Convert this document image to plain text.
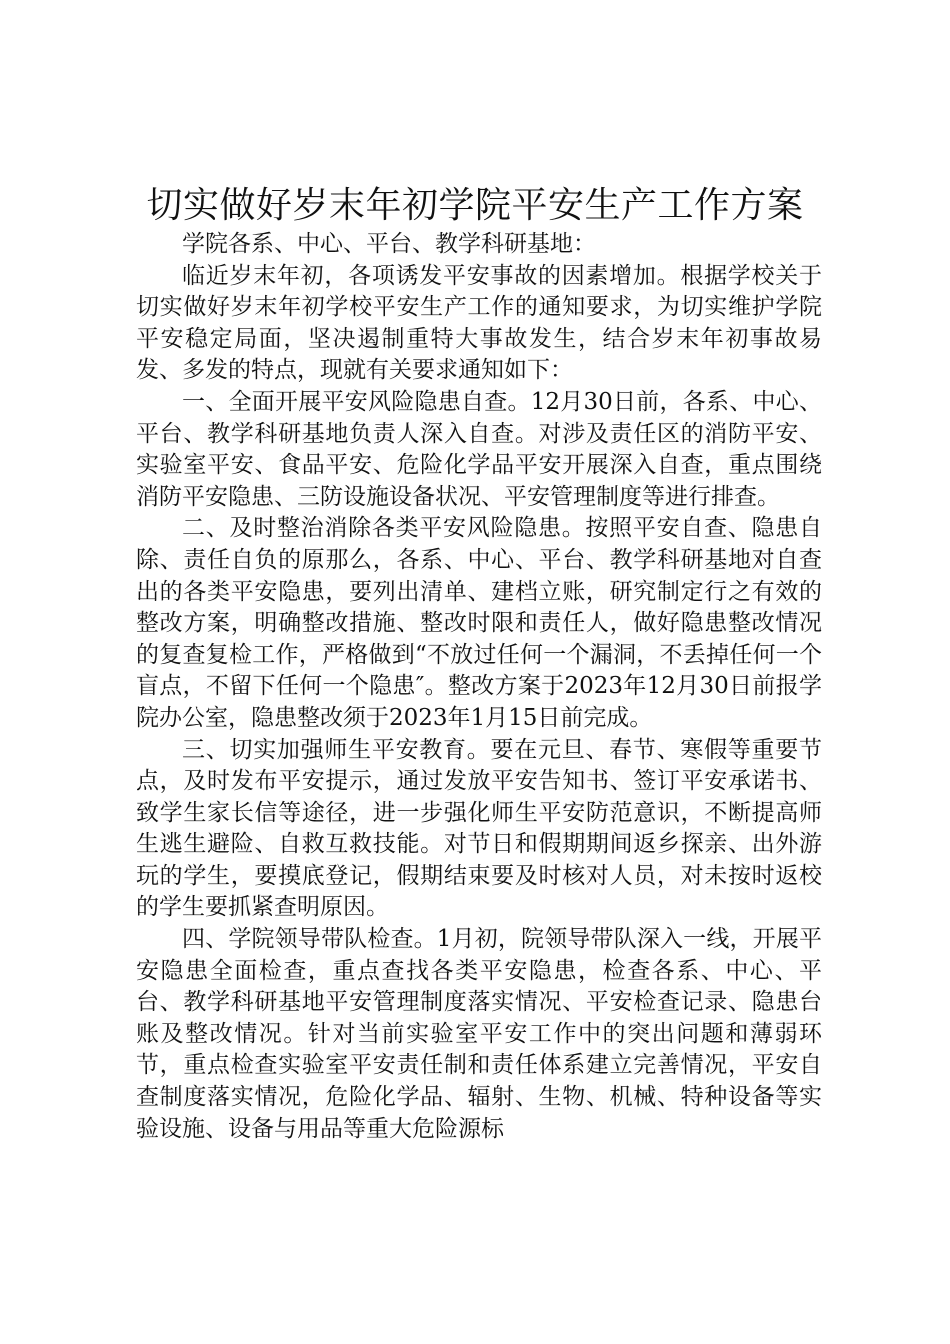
切实做好岁末年初学院平安生产工作方案

学院各系、中心、平台、教学科研基地：

临近岁末年初，各项诱发平安事故的因素增加。根据学校关于切实做好岁末年初学校平安生产工作的通知要求，为切实维护学院平安稳定局面，坚决遏制重特大事故发生，结合岁末年初事故易发、多发的特点，现就有关要求通知如下：

一、全面开展平安风险隐患自查。12月30日前，各系、中心、平台、教学科研基地负责人深入自查。对涉及责任区的消防平安、实验室平安、食品平安、危险化学品平安开展深入自查，重点围绕消防平安隐患、三防设施设备状况、平安管理制度等进行排查。

二、及时整治消除各类平安风险隐患。按照平安自查、隐患自除、责任自负的原那么，各系、中心、平台、教学科研基地对自查出的各类平安隐患，要列出清单、建档立账，研究制定行之有效的整改方案，明确整改措施、整改时限和责任人，做好隐患整改情况的复查复检工作，严格做到“不放过任何一个漏洞，不丢掉任何一个盲点，不留下任何一个隐患″。整改方案于2023年12月30日前报学院办公室，隐患整改须于2023年1月15日前完成。

三、切实加强师生平安教育。要在元旦、春节、寒假等重要节点，及时发布平安提示，通过发放平安告知书、签订平安承诺书、致学生家长信等途径，进一步强化师生平安防范意识，不断提高师生逃生避险、自救互救技能。对节日和假期期间返乡探亲、出外游玩的学生，要摸底登记，假期结束要及时核对人员，对未按时返校的学生要抓紧查明原因。

四、学院领导带队检查。1月初，院领导带队深入一线，开展平安隐患全面检查，重点查找各类平安隐患，检查各系、中心、平台、教学科研基地平安管理制度落实情况、平安检查记录、隐患台账及整改情况。针对当前实验室平安工作中的突出问题和薄弱环节，重点检查实验室平安责任制和责任体系建立完善情况，平安自查制度落实情况，危险化学品、辐射、生物、机械、特种设备等实验设施、设备与用品等重大危险源标
